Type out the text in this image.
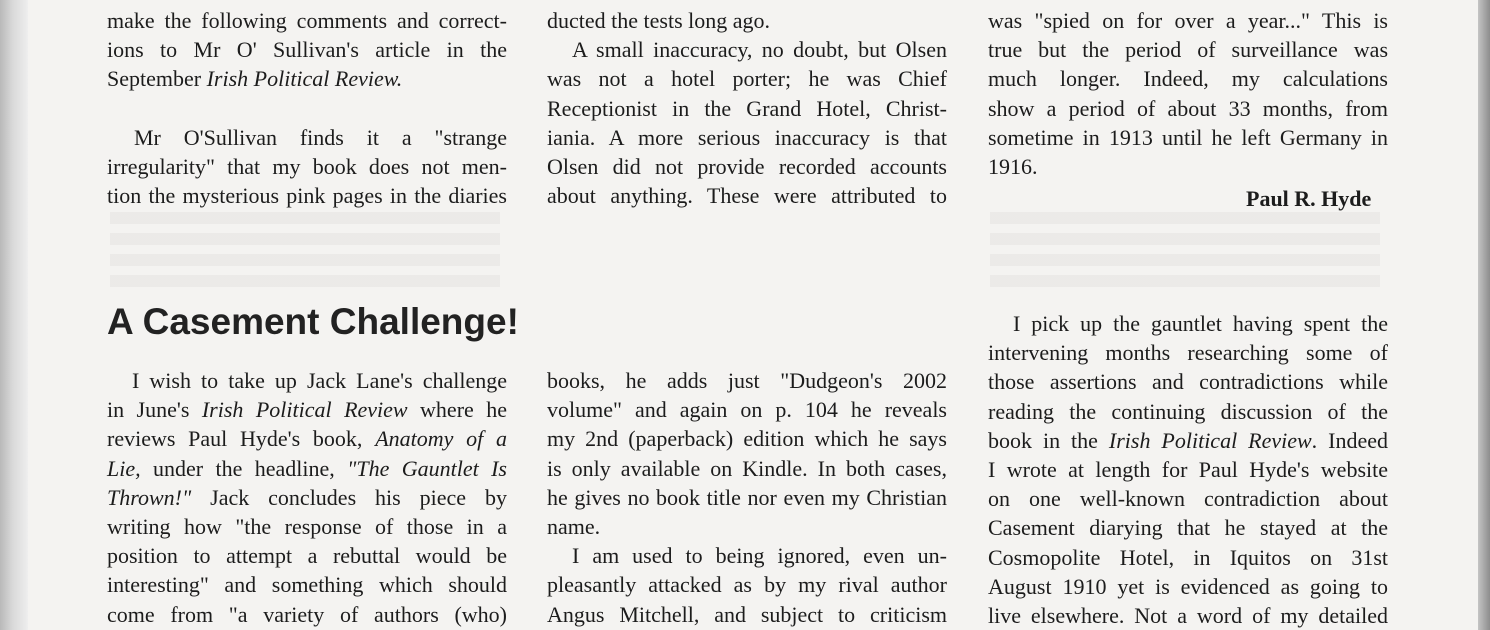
make the following comments and correct-
ions to Mr O' Sullivan's article in the
September Irish Political Review.

Mr O'Sullivan finds it a "strange
irregularity" that my book does not men-
tion the mysterious pink pages in the diaries
ducted the tests long ago.
A small inaccuracy, no doubt, but Olsen
was not a hotel porter; he was Chief
Receptionist in the Grand Hotel, Christ-
iania. A more serious inaccuracy is that
Olsen did not provide recorded accounts
about anything. These were attributed to
was "spied on for over a year..." This is
true but the period of surveillance was
much longer. Indeed, my calculations
show a period of about 33 months, from
sometime in 1913 until he left Germany in
1916.
Paul R. Hyde
A Casement Challenge!
I wish to take up Jack Lane's challenge
in June's Irish Political Review where he
reviews Paul Hyde's book, Anatomy of a
Lie, under the headline, "The Gauntlet Is
Thrown!" Jack concludes his piece by
writing how "the response of those in a
position to attempt a rebuttal would be
interesting" and something which should
come from "a variety of authors (who)
books, he adds just "Dudgeon's 2002
volume" and again on p. 104 he reveals
my 2nd (paperback) edition which he says
is only available on Kindle. In both cases,
he gives no book title nor even my Christian
name.
I am used to being ignored, even un-
pleasantly attacked as by my rival author
Angus Mitchell, and subject to criticism
I pick up the gauntlet having spent the
intervening months researching some of
those assertions and contradictions while
reading the continuing discussion of the
book in the Irish Political Review. Indeed
I wrote at length for Paul Hyde's website
on one well-known contradiction about
Casement diarying that he stayed at the
Cosmopolite Hotel, in Iquitos on 31st
August 1910 yet is evidenced as going to
live elsewhere. Not a word of my detailed
